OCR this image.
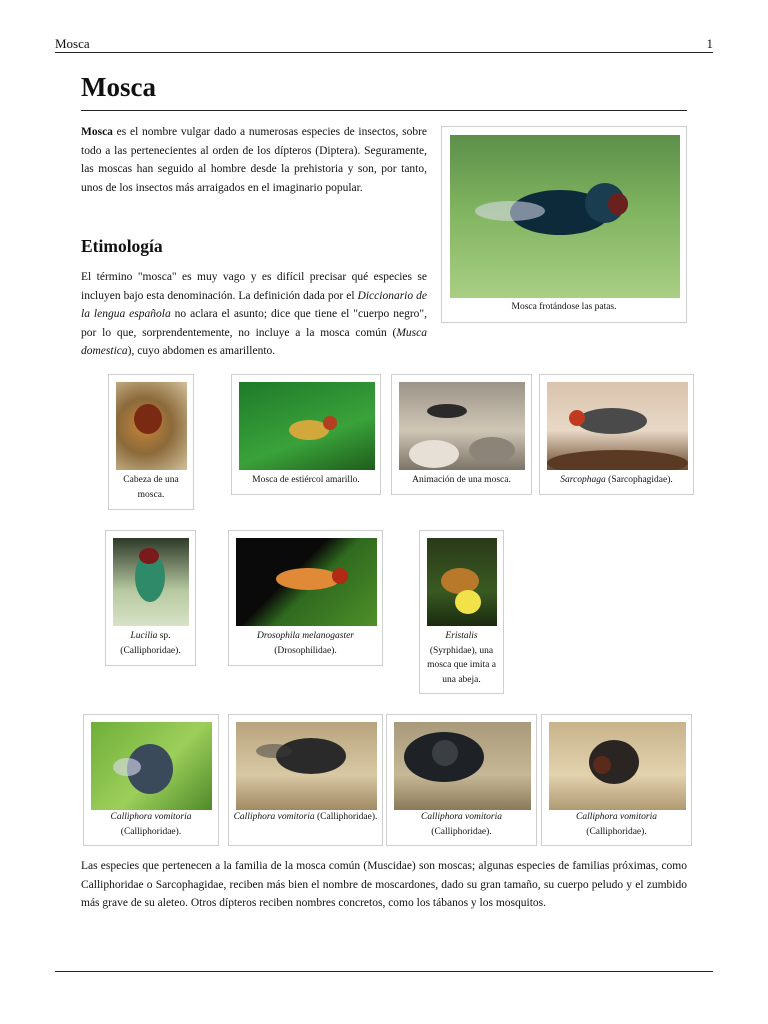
Mosca	1
Mosca

Mosca es el nombre vulgar dado a numerosas especies de insectos, sobre todo a las pertenecientes al orden de los dípteros (Diptera). Seguramente, las moscas han seguido al hombre desde la prehistoria y son, por tanto, unos de los insectos más arraigados en el imaginario popular.

Mosca frotándose las patas.
Etimología

El término "mosca" es muy vago y es difícil precisar qué especies se incluyen bajo esta denominación. La definición dada por el Diccionario de la lengua española no aclara el asunto; dice que tiene el "cuerpo negro", por lo que, sorprendentemente, no incluye a la mosca común (Musca domestica), cuyo abdomen es amarillento.

Cabeza de una mosca.
Mosca de estiércol amarillo.	Animación de una mosca.	Sarcophaga (Sarcophagidae).
Lucilia sp. (Calliphoridae).
Drosophila melanogaster (Drosophilidae).
Eristalis (Syrphidae), una mosca que imita a una abeja.
Calliphora vomitoria (Calliphoridae).
Calliphora vomitoria (Calliphoridae).	Calliphora vomitoria (Calliphoridae).
Calliphora vomitoria (Calliphoridae).

Las especies que pertenecen a la familia de la mosca común (Muscidae) son moscas; algunas especies de familias próximas, como Calliphoridae o Sarcophagidae, reciben más bien el nombre de moscardones, dado su gran tamaño, su cuerpo peludo y el zumbido más grave de su aleteo. Otros dípteros reciben nombres concretos, como los tábanos y los mosquitos.
